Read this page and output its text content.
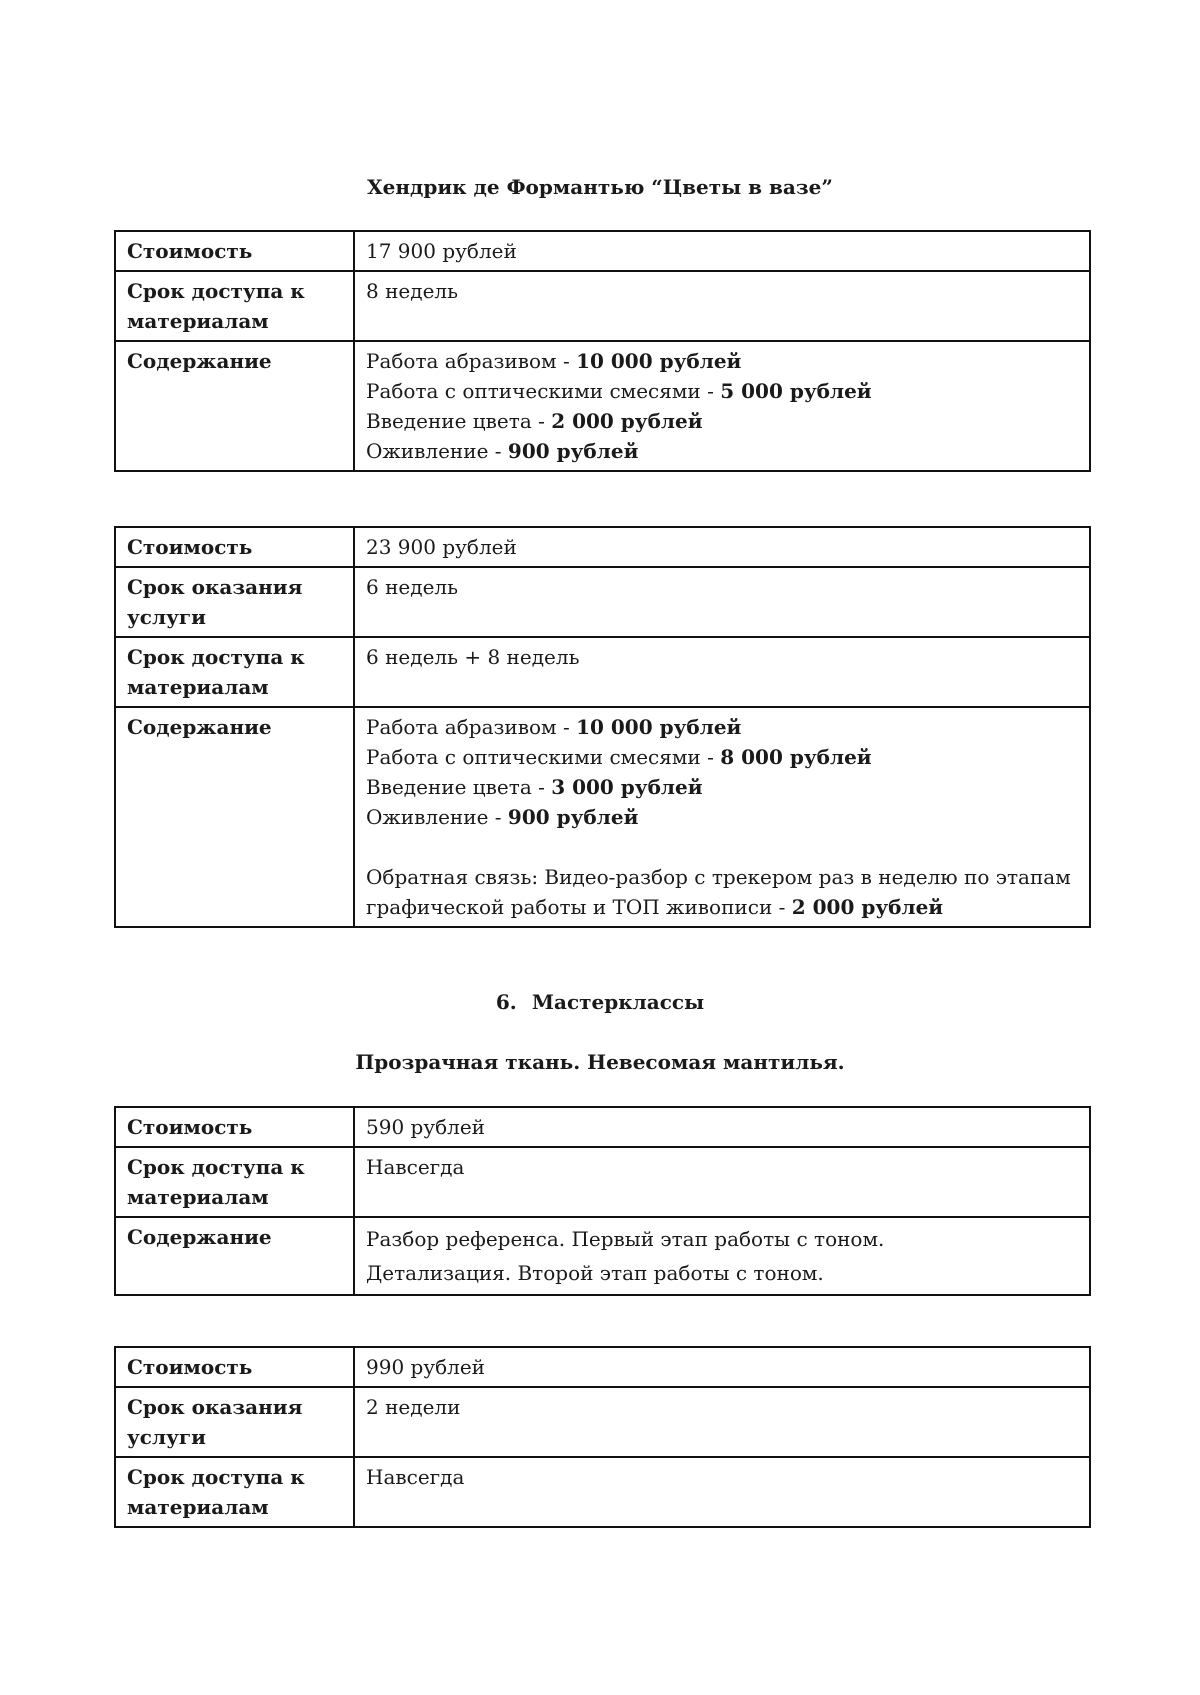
Хендрик де Формантью “Цветы в вазе”
Стоимость	17 900 рублей
Срок доступа к материалам	8 недель
Содержание	Работа абразивом - 10 000 рублей
Работа с оптическими смесями - 5 000 рублей
Введение цвета - 2 000 рублей
Оживление - 900 рублей
Стоимость	23 900 рублей
Срок оказания услуги	6 недель
Срок доступа к материалам	6 недель + 8 недель
Содержание	Работа абразивом - 10 000 рублей
Работа с оптическими смесями - 8 000 рублей
Введение цвета - 3 000 рублей
Оживление - 900 рублей
Обратная связь: Видео-разбор с трекером раз в неделю по этапам графической работы и ТОП живописи - 2 000 рублей
6. Мастерклассы
Прозрачная ткань. Невесомая мантилья.
Стоимость	590 рублей
Срок доступа к материалам	Навсегда
Содержание	Разбор референса. Первый этап работы с тоном.
Детализация. Второй этап работы с тоном.
Стоимость	990 рублей
Срок оказания услуги	2 недели
Срок доступа к материалам	Навсегда
